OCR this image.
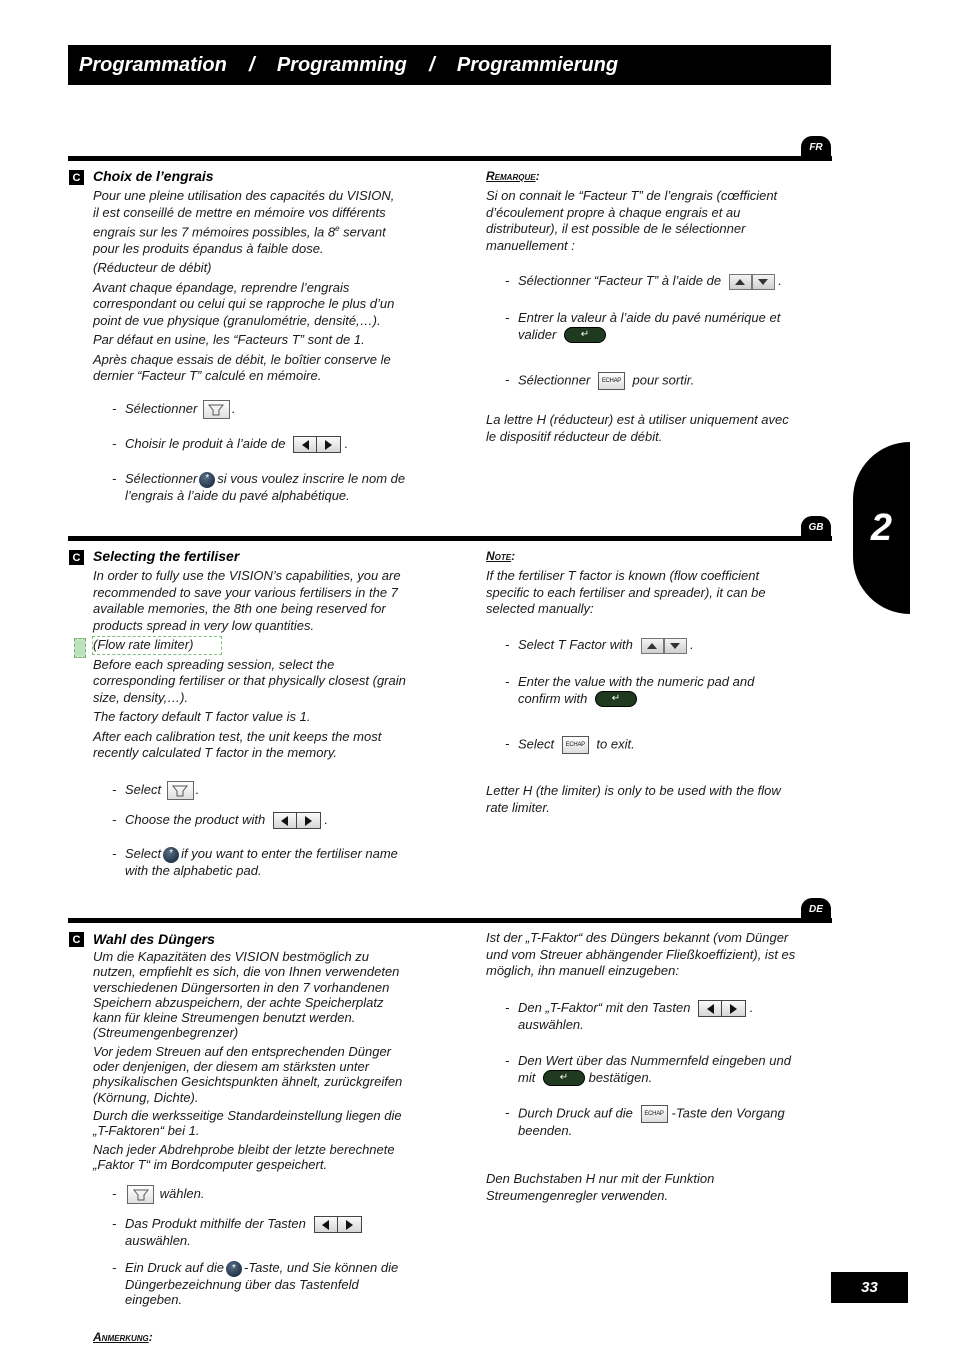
Programmation
/
Programming
/
Programmierung
2
FR
C Choix de l’engrais

Pour une pleine utilisation des capacités du VISION,

il est conseillé de mettre en mémoire vos différents

engrais sur les 7 mémoires possibles, la 8e servant

pour les produits épandus à faible dose.

(Réducteur de débit)

Avant chaque épandage, reprendre l’engrais

correspondant ou celui qui se rapproche le plus d’un

point de vue physique (granulométrie, densité,…).

Par défaut en usine, les “Facteurs T” sont de 1.

Après chaque essais de débit, le boîtier conserve le

dernier “Facteur T” calculé en mémoire.

- Sélectionner	.
- Choisir le produit à l’aide de	.
- Sélectionner * si vous voulez inscrire le nom de
l’engrais à l’aide du pavé alphabétique.
Remarque:

Si on connait le “Facteur T” de l’engrais (cœfficient

d’écoulement propre à chaque engrais et au

distributeur), il est possible de le sélectionner

manuellement :

- Sélectionner “Facteur T” à l’aide de	.
- Entrer la valeur à l’aide du pavé numérique et
valider ↵
- Sélectionner ECHAP pour sortir.

La lettre H (réducteur) est à utiliser uniquement avec

le dispositif réducteur de débit.

GB
C Selecting the fertiliser

In order to fully use the VISION’s capabilities, you are

recommended to save your various fertilisers in the 7

available memories, the 8th one being reserved for

products spread in very low quantities.

(Flow rate limiter)

Before each spreading session, select the

corresponding fertiliser or that physically closest (grain

size, density,…).

The factory default T factor value is 1.

After each calibration test, the unit keeps the most

recently calculated T factor in the memory.

- Select	.
- Choose the product with	.
- Select * if you want to enter the fertiliser name
with the alphabetic pad.
Note:

If the fertiliser T factor is known (flow coefficient

specific to each fertiliser and spreader), it can be

selected manually:

- Select T Factor with	.
- Enter the value with the numeric pad and
confirm with ↵
- Select ECHAP to exit.

Letter H (the limiter) is only to be used with the flow

rate limiter.

DE
C Wahl des Düngers

Um die Kapazitäten des VISION bestmöglich zu

nutzen, empfiehlt es sich, die von Ihnen verwendeten

verschiedenen Düngersorten in den 7 vorhandenen

Speichern abzuspeichern, der achte Speicherplatz

kann für kleine Streumengen benutzt werden.

(Streumengenbegrenzer)

Vor jedem Streuen auf den entsprechenden Dünger

oder denjenigen, der diesem am stärksten unter

physikalischen Gesichtspunkten ähnelt, zurückgreifen

(Körnung, Dichte).

Durch die werksseitige Standardeinstellung liegen die

„T-Faktoren“ bei 1.

Nach jeder Abdrehprobe bleibt der letzte berechnete

„Faktor T“ im Bordcomputer gespeichert.

-	wählen.
- Das Produkt mithilfe der Tasten

auswählen.
- Ein Druck auf die * -Taste, und Sie können die
Düngerbezeichnung über das Tastenfeld
eingeben.

Ist der „T-Faktor“ des Düngers bekannt (vom Dünger

und vom Streuer abhängender Fließkoeffizient), ist es

möglich, ihn manuell einzugeben:

- Den „T-Faktor“ mit den Tasten	.
auswählen.
- Den Wert über das Nummernfeld eingeben und
mit ↵ bestätigen.
- Durch Druck auf die ECHAP -Taste den Vorgang
beenden.

Den Buchstaben H nur mit der Funktion

Streumengenregler verwenden.

Anmerkung:
33
